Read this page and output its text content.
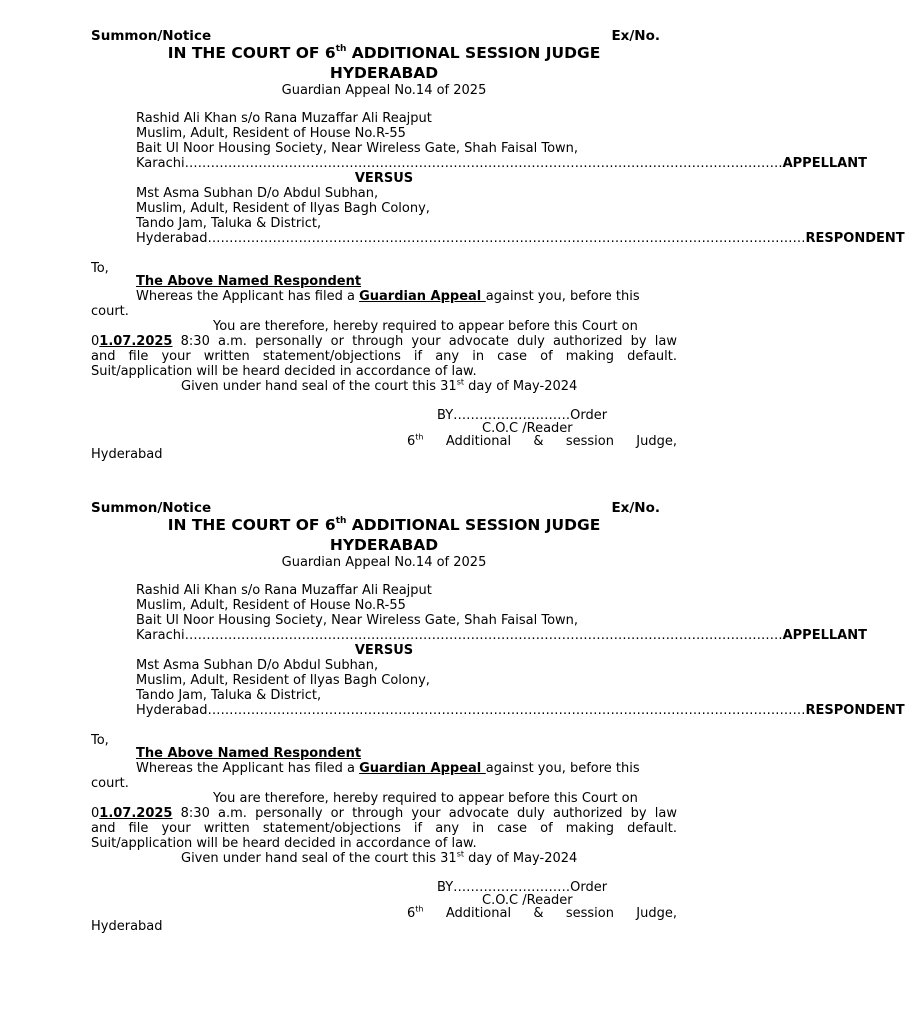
Summon/Notice	Ex/No.
IN THE COURT OF 6th ADDITIONAL SESSION JUDGE
HYDERABAD
Guardian Appeal No.14 of 2025
Rashid Ali Khan s/o Rana Muzaffar Ali Reajput
Muslim, Adult, Resident of House No.R-55
Bait Ul Noor Housing Society, Near Wireless Gate, Shah Faisal Town,
Karachi ………………………………………………………………………………………………………………………… APPELLANT
VERSUS
Mst Asma Subhan D/o Abdul Subhan,
Muslim, Adult, Resident of Ilyas Bagh Colony,
Tando Jam, Taluka & District,
Hyderabad ………………………………………………………………………………………………………………………… RESPONDENT
To,
The Above Named Respondent
Whereas the Applicant has filed a Guardian Appeal against you, before this
court.
You are therefore, hereby required to appear before this Court on
01.07.2025 8:30 a.m. personally or through your advocate duly authorized by law
and file your written statement/objections if any in case of making default.
Suit/application will be heard decided in accordance of law.
Given under hand seal of the court this 31st day of May-2024
BY………………………Order
C.O.C /Reader
6th Additional & session Judge,
Hyderabad
Summon/Notice	Ex/No.
IN THE COURT OF 6th ADDITIONAL SESSION JUDGE
HYDERABAD
Guardian Appeal No.14 of 2025
Rashid Ali Khan s/o Rana Muzaffar Ali Reajput
Muslim, Adult, Resident of House No.R-55
Bait Ul Noor Housing Society, Near Wireless Gate, Shah Faisal Town,
Karachi ………………………………………………………………………………………………………………………… APPELLANT
VERSUS
Mst Asma Subhan D/o Abdul Subhan,
Muslim, Adult, Resident of Ilyas Bagh Colony,
Tando Jam, Taluka & District,
Hyderabad ………………………………………………………………………………………………………………………… RESPONDENT
To,
The Above Named Respondent
Whereas the Applicant has filed a Guardian Appeal against you, before this
court.
You are therefore, hereby required to appear before this Court on
01.07.2025 8:30 a.m. personally or through your advocate duly authorized by law
and file your written statement/objections if any in case of making default.
Suit/application will be heard decided in accordance of law.
Given under hand seal of the court this 31st day of May-2024
BY………………………Order
C.O.C /Reader
6th Additional & session Judge,
Hyderabad
